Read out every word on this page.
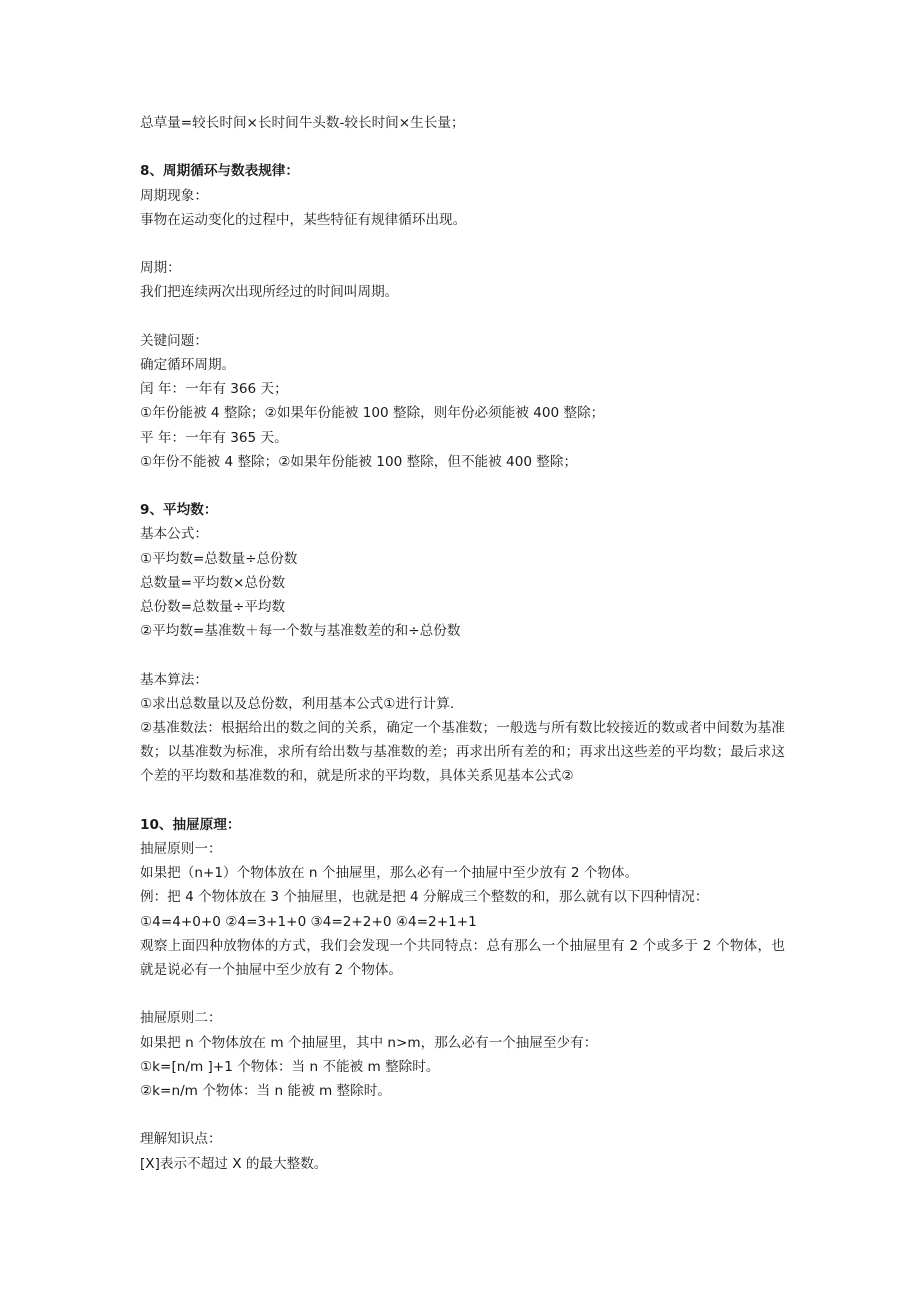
总草量=较长时间×长时间牛头数-较长时间×生长量；
8、周期循环与数表规律：
周期现象：
事物在运动变化的过程中，某些特征有规律循环出现。
周期：
我们把连续两次出现所经过的时间叫周期。
关键问题：
确定循环周期。
闰 年：一年有 366 天；
①年份能被 4 整除；②如果年份能被 100 整除，则年份必须能被 400 整除；
平 年：一年有 365 天。
①年份不能被 4 整除；②如果年份能被 100 整除，但不能被 400 整除；
9、平均数：
基本公式：
①平均数=总数量÷总份数
总数量=平均数×总份数
总份数=总数量÷平均数
②平均数=基准数＋每一个数与基准数差的和÷总份数
基本算法：
①求出总数量以及总份数，利用基本公式①进行计算.
②基准数法：根据给出的数之间的关系，确定一个基准数；一般选与所有数比较接近的数或者中间数为基准数；以基准数为标准，求所有给出数与基准数的差；再求出所有差的和；再求出这些差的平均数；最后求这个差的平均数和基准数的和，就是所求的平均数，具体关系见基本公式②
10、抽屉原理：
抽屉原则一：
如果把（n+1）个物体放在 n 个抽屉里，那么必有一个抽屉中至少放有 2 个物体。
例：把 4 个物体放在 3 个抽屉里，也就是把 4 分解成三个整数的和，那么就有以下四种情况：
①4=4+0+0 ②4=3+1+0 ③4=2+2+0 ④4=2+1+1
观察上面四种放物体的方式，我们会发现一个共同特点：总有那么一个抽屉里有 2 个或多于 2 个物体，也就是说必有一个抽屉中至少放有 2 个物体。
抽屉原则二：
如果把 n 个物体放在 m 个抽屉里，其中 n>m，那么必有一个抽屉至少有：
①k=[n/m ]+1 个物体：当 n 不能被 m 整除时。
②k=n/m 个物体：当 n 能被 m 整除时。
理解知识点：
[X]表示不超过 X 的最大整数。
